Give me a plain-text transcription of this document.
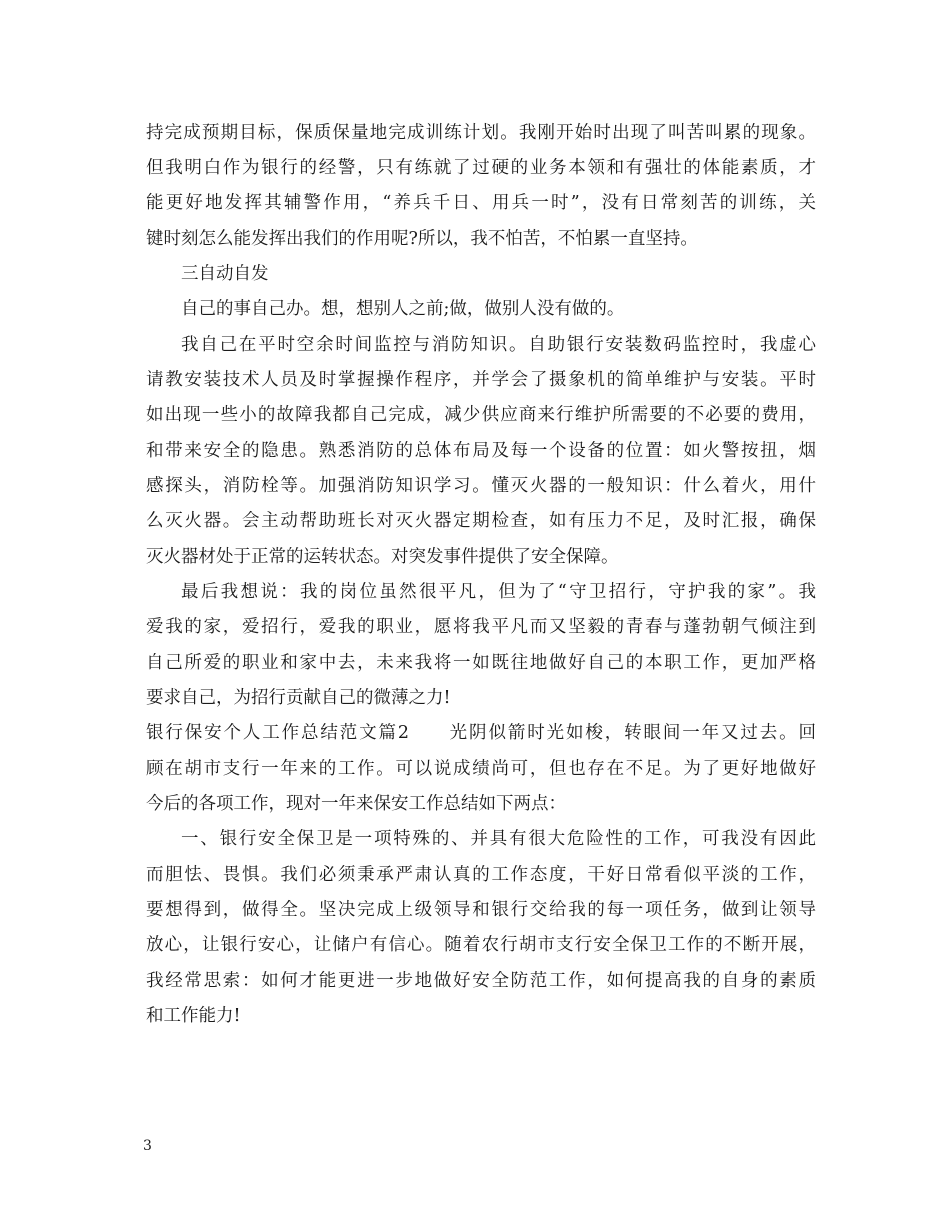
持完成预期目标，保质保量地完成训练计划。我刚开始时出现了叫苦叫累的现象。
但我明白作为银行的经警，只有练就了过硬的业务本领和有强壮的体能素质，才
能更好地发挥其辅警作用，“养兵千日、用兵一时”，没有日常刻苦的训练，关
键时刻怎么能发挥出我们的作用呢?所以，我不怕苦，不怕累一直坚持。
三自动自发
自己的事自己办。想，想别人之前;做，做别人没有做的。
我自己在平时空余时间监控与消防知识。自助银行安装数码监控时，我虚心
请教安装技术人员及时掌握操作程序，并学会了摄象机的简单维护与安装。平时
如出现一些小的故障我都自己完成，减少供应商来行维护所需要的不必要的费用，
和带来安全的隐患。熟悉消防的总体布局及每一个设备的位置：如火警按扭，烟
感探头，消防栓等。加强消防知识学习。懂灭火器的一般知识：什么着火，用什
么灭火器。会主动帮助班长对灭火器定期检查，如有压力不足，及时汇报，确保
灭火器材处于正常的运转状态。对突发事件提供了安全保障。
最后我想说：我的岗位虽然很平凡，但为了“守卫招行，守护我的家”。我
爱我的家，爱招行，爱我的职业，愿将我平凡而又坚毅的青春与蓬勃朝气倾注到
自己所爱的职业和家中去，未来我将一如既往地做好自己的本职工作，更加严格
要求自己，为招行贡献自己的微薄之力!
银行保安个人工作总结范文篇2　　光阴似箭时光如梭，转眼间一年又过去。回
顾在胡市支行一年来的工作。可以说成绩尚可，但也存在不足。为了更好地做好
今后的各项工作，现对一年来保安工作总结如下两点：
一、银行安全保卫是一项特殊的、并具有很大危险性的工作，可我没有因此
而胆怯、畏惧。我们必须秉承严肃认真的工作态度，干好日常看似平淡的工作，
要想得到，做得全。坚决完成上级领导和银行交给我的每一项任务，做到让领导
放心，让银行安心，让储户有信心。随着农行胡市支行安全保卫工作的不断开展，
我经常思索：如何才能更进一步地做好安全防范工作，如何提高我的自身的素质
和工作能力!
3
